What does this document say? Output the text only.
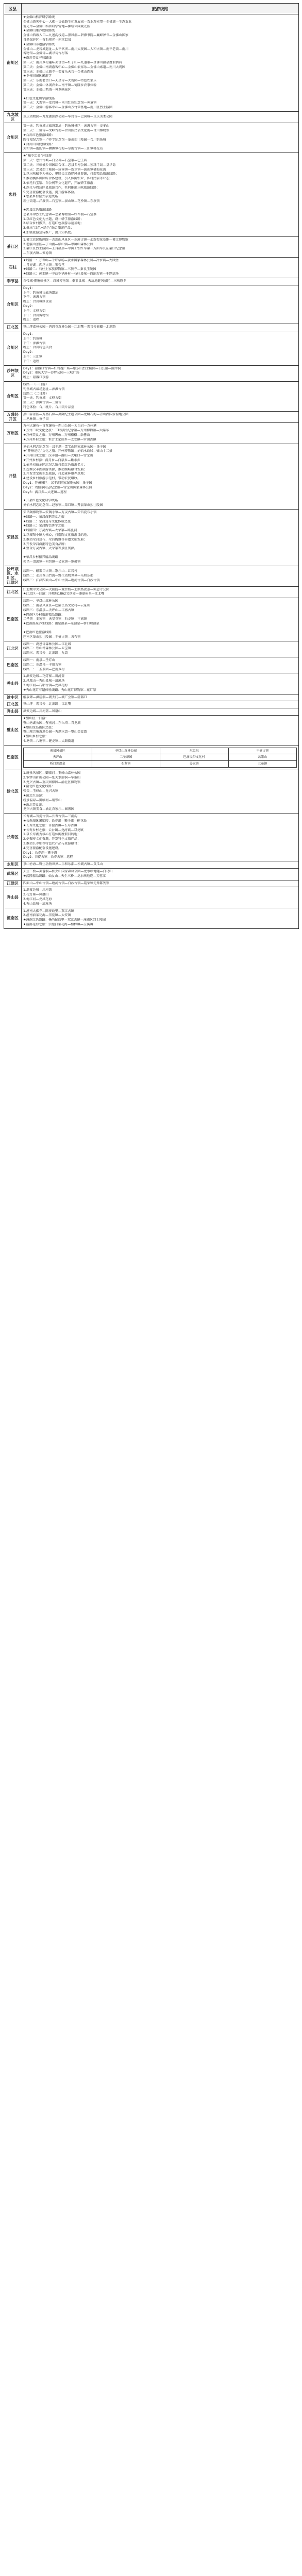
区县	旅游线路
南川区	
★金佛山科普研学路线
金佛山游客中心—大佛—访仙路生化发展成—农业观光带—金佛湖—生态农业
观光带—金佛山科普研学营地—佛塔休闲观光区
★金佛山康养度假路线
金佛山西坡入口—九递沟栈道—黑风洞—碧潭书院—巍峰禅寺—金佛山国家
自然保护区—奇石观光—南京温泉
★金佛山非遗游学路线
金佛山—龙岩城遗址—太平官坝—南川大观园—人和古镇—南平老街—南川
博物馆—金佛寺—湖寻访古村落
★南川美食寻味路线
第一天：南川乡村趣味美食街—红子山—九递寨—金佛山温泉度假酒店
第二天：金佛山南坡游客中心—金佛山农家乐—金佛山索道—南川大观园
第三天：金佛山大德寺—美宴乐天台—金佛山西坡
★乡村田园休闲游学
第一天：东街老街口—天星寺—大观园—特色农家乐
第二天：金佛山休闲农业—南平镇—德隆乡农事体验
第三天：金佛山西坡—神龙峡景区
★红色文化研学游线路
第一天：大观镇—龙岩城—南川红色纪念馆—神童镇
第二天：金佛山游客中心—金佛山方竹笋基地—南川区烈士陵园

九龙坡区	重庆动物园—九龙湖滨湖公园—华岩寺—巴国城—重庆美术公园

合川区	
第一天：钓鱼城古战场遗址—钓鱼城景区—涞滩古镇—龙多山
第二天：二佛寺—文峰古街—合川区民俗文化街—合川博物馆
★合川红色旅游线路：
陶行知纪念馆—卢作孚纪念馆—革命烈士陵园—合川钓鱼城
★合川田园度假线路：
太和镇—渭沱镇—狮滩镇花海—草街古镇—三汇镇桃花岛

忠县	
★“橘乡忠县”环线游
第一天：忠州古城—白公祠—石宝寨—巴王庙
第二天：三峡橘乡田园综合体—忠县乡村公园—独珠半岛—皇华岛
第三天：忠县烈士陵园—汝溪镇—新立镇—拔山镇橘海花海
1.以三峡橘乡为核心，串联长江沿岸风景资源，打造精品旅游线路；
2.推动橘乡田园综合体建设，引入休闲农业、乡村民宿等业态；
3.依托石宝寨、白公祠等文化遗产，开展研学旅游；
4.深化与周边区县旅游合作，共同推出三峡旅游线路；
5.完善旅游配套设施，提升游客体验。
★忠县乡村振兴示范线路
新生街道—洋渡镇—石宝镇—拔山镇—花桥镇—东溪镇
★忠县红色旅游线路
忠县革命烈士纪念碑—忠县博物馆—红军渡—石宝寨
1.以红色文化为主题，设计研学旅游线路；
2.结合乡村振兴，打造红色旅游示范基地；
3.推出“红色+绿色”融合旅游产品；
4.加强旅游宣传推广，提升知名度。

綦江区	
1.綦江农民版画院—古剑山风景区—东溪古镇—永新梨花基地—綦江博物馆
2.老瀛山景区—丁山湖—横山镇—翠屏山森林公园
3.綦江区烈士陵园—王良故居—中国工农红军第一方面军长征綦江纪念馆
—东溪古镇—安稳镇

石柱	
★线路一：万寿山—千野草场—黄水国家森林公园—冷水镇—大风堡
—月亮湖—西沱古镇—银杏堂
★线路二：石柱土家族博物馆—三教寺—秦良玉陵园
★线路三：黄水镇—中益乡华溪村—石柱县城—西沱古镇—千野草场

奉节县	白帝城·瞿塘峡景区—诗城博物馆—奉节县城—天坑地缝风景区—三峡原乡

合川区	
Day1：
上午：钓鱼城古战场遗址
下午：涞滩古镇
晚上：合川城区夜景
Day2：
上午：文峰古街
下午：合川博物馆
晚上：返程

江北区	铁山坪森林公园—鸿恩寺森林公园—江北嘴—观音桥商圈—北滨路

合川区	
Day1：
上午：钓鱼城
下午：涞滩古镇
晚上：合川特色美食
Day2：
上午：三汇镇
下午：返程

沙坪坝区	
Day1：磁器口古镇—红岩魂广场—歌乐山烈士陵园—白公馆—渣滓洞
Day2：重庆大学—沙坪公园—三峡广场
晚上：磁器口夜游

合川区	
线路一（一日游）
钓鱼城古战场遗址—涞滩古镇
线路二（二日游）
第一天：钓鱼城—文峰古街
第二天：涞滩古镇—二佛寺
特色体验：合川桃片、合川肉片品尝

万盛经开区	
黑山谷景区—万盛石林—奥陶纪主题公园—龙鳞石海—青山湖国家湿地公园
—丛林镇—鱼子岗

万州区	
万州大瀑布—青龙瀑布—西山公园—太白岩—万州港
★万州三峡文化之旅：三峡移民纪念馆—万州博物馆—大瀑布
★万州美食之旅：万州烤鱼—万州格格—杂酱面
★万州乡村之旅：恒合土家族乡—太安镇—罗田古镇

开县	
刘伯承同志纪念馆—汉丰湖—雪宝山国家森林公园—举子园
★“开州记忆”文化之旅：开州博物馆—刘伯承故居—盛山十二景
★开州山水之旅：汉丰湖—南山—大垭口—雪宝山
★开州乡村游：满月乡—白泉乡—紫水乡
1.依托刘伯承同志纪念馆打造红色旅游名片；
2.挖掘汉丰湖旅游资源，推动湖城融合发展；
3.开发雪宝山生态旅游，打造森林康养基地；
4.建设乡村旅游示范村，带动农民增收。
Day1：开州城区—汉丰湖国家湿地公园—举子园
Day2：刘伯承同志纪念馆—雪宝山国家森林公园
Day3：满月乡—大进镇—返程
★开县红色文化研学线路
刘伯承同志纪念馆—赵家镇—渠口镇—开县革命烈士陵园

荣昌区	
荣昌陶博物馆—安陶小镇—万灵古镇—荣昌夏布小镇
★线路一：荣昌卤鹅美食之旅
★线路二：荣昌夏布文化体验之旅
★线路三：荣昌陶艺研学之旅
★线路四：万灵古镇—大荣寨—路孔河
1.以安陶小镇为核心，打造陶文化旅游目的地；
2.推动荣昌夏布、荣昌陶器等非遗文创发展；
3.开发荣昌卤鹅特色美食品牌；
4.整合万灵古镇、大荣寨等景区资源。
★荣昌乡村振兴精品线路
荣昌—清流镇—河包镇—吴家镇—铜鼓镇

沙坪坝区、永川区、江津区	
线路一：磁器口古镇—歌乐山—红岩村
线路二：永川茶山竹海—野生动物世界—乐和乐都
线路三：江津四面山—中山古镇—塘河古镇—白沙古镇

江北区	江北嘴中央公园—大剧院—观音桥—北滨路夜景—鸿恩寺公园
★江北区一日游：洋炮局1862文创园—鎏嘉码头—江北嘴

巴南区	
线路一：圣灯山森林公园
线路二：南泉风景区—巴渝民俗文化村—云篆山
线路三：东温泉—天坪山—丰盛古镇
★巴南区乡村旅游精品线路：
二圣镇—姜家镇—天星寺镇—石龙镇—丰盛镇
★巴南温泉养生线路：南泉温泉—东温泉—桥口坝温泉
★巴南红色旅游线路
巴南区革命烈士陵园—丰盛古镇—五布镇

江北区	
线路一：鸿恩寺森林公园—江北城
线路二：铁山坪森林公园—五宝镇
线路三：观音桥—北滨路—九街

巴南区	
线路一：南泉—圣灯山
线路二：东温泉—丰盛古镇
线路三：二圣茶园—巴南乡村

秀山县	
1.洪安边城—花灯寨—川河盖
2.凤凰山—秀山县城—清溪场
3.梅江河—石耶古镇—龙凤花海
★秀山花灯非遗体验线路：秀山花灯博物馆—花灯寨

渝中区	解放碑—洪崖洞—朝天门—湖广会馆—磁器口

江北区	铁山坪—观音桥—北滨路—江北嘴

秀山县	洪安边城—川河盖—凤凰山

璧山区	
★璧山区一日游：
璧山秀湖公园—璧南河—东岳塔—青龙湖
★璧山绿岛新区之旅：
璧山观音塘湿地公园—秀湖水街—璧山美食街
★璧山乡村之旅：
七塘镇—八塘镇—健龙镇—大路街道

巴南区	
南泉风景区	圣灯山森林公园	东温泉	丰盛古镇
天坪山	二圣茶园	巴渝民俗文化村	云篆山
桥口坝温泉	石龙镇	姜家镇	五布镇

渝北区	
1.统景风景区—御临河—玉峰山森林公园
2.铜锣山矿山公园—张关水溶洞—华蓥山
3.龙兴古镇—重庆园博园—渝北区博物馆
★渝北红色文化线路：
张关—玉峰山—龙兴古镇
★渝北生态游：
统景温泉—御临河—铜锣山
★渝北美食游：
龙兴古镇美食—渝北农家乐—园博园

长寿区	
长寿湖—菩提古镇—长寿古镇—三洞沟
★长寿湖休闲度假：长寿湖—狮子滩—桃花岛
★长寿文化之旅：菩提古镇—长寿古镇
★长寿乡村之旅：云台镇—龙河镇—双龙镇
1.以长寿湖为核心打造休闲度假目的地；
2.挖掘寿文化资源，开发特色文旅产品；
3.推动长寿柚等特色农产品与旅游融合；
4.完善旅游配套设施建设。
Day1：长寿湖—狮子滩
Day2：菩提古镇—长寿古镇—返程

永川区	茶山竹海—野生动物世界—乐和乐都—松溉古镇—黄瓜山

武隆区	天生三桥—芙蓉洞—仙女山国家森林公园—龙水峡地缝—白马山
★武隆精品线路：仙女山—天生三桥—龙水峡地缝—芙蓉江

江津区	四面山—中山古镇—塘河古镇—白沙古镇—聂荣臻元帅陈列馆

秀山县	
1.洪安边城—川河盖
2.花灯寨—凤凰山
3.梅江河—龙凤花海
4.秀山县城—清溪场

潼南区	
1.潼南大佛寺—陈抟故里—双江古镇
2.潼南油菜花海—崇龛镇—太安镇
★潼南红色线路：杨尚昆故里—双江古镇—潼南区烈士陵园
★潼南花海之旅：崇龛油菜花海—柏梓镇—玉溪镇
